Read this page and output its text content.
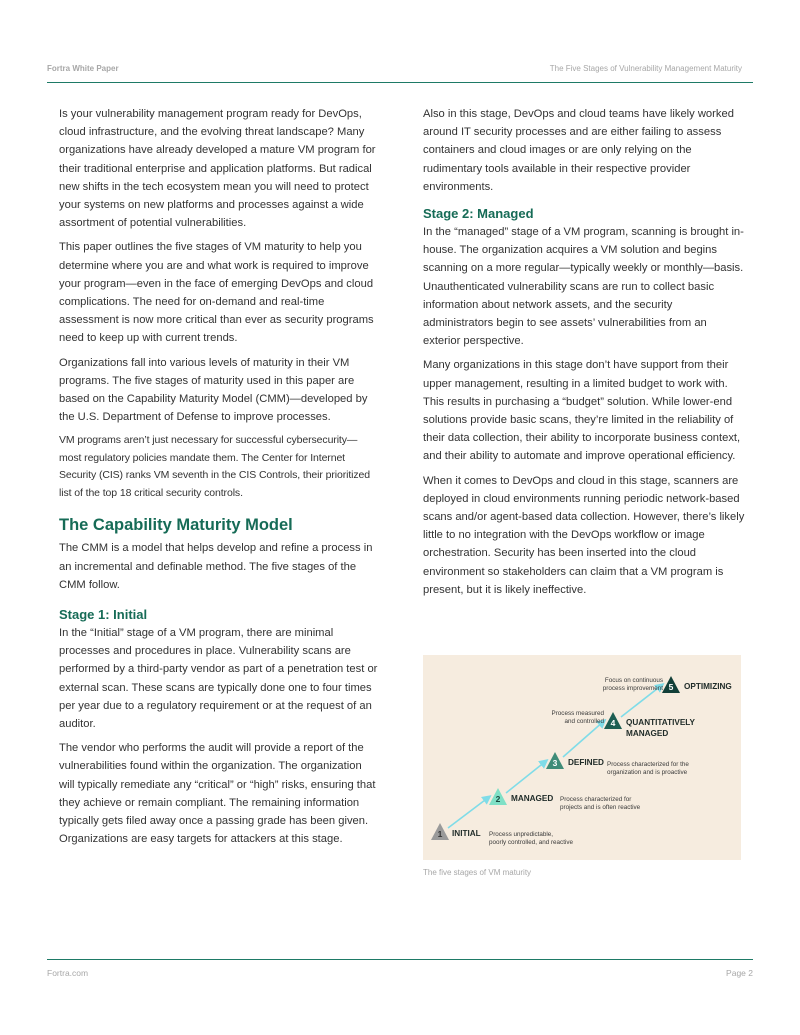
Fortra White Paper	The Five Stages of Vulnerability Management Maturity

Is your vulnerability management program ready for DevOps, cloud infrastructure, and the evolving threat landscape? Many organizations have already developed a mature VM program for their traditional enterprise and application platforms. But radical new shifts in the tech ecosystem mean you will need to protect your systems on new platforms and processes against a wide assortment of potential vulnerabilities.

This paper outlines the five stages of VM maturity to help you determine where you are and what work is required to improve your program—even in the face of emerging DevOps and cloud complications. The need for on-demand and real-time assessment is now more critical than ever as security programs need to keep up with current trends.

Organizations fall into various levels of maturity in their VM programs. The five stages of maturity used in this paper are based on the Capability Maturity Model (CMM)—developed by the U.S. Department of Defense to improve processes.

VM programs aren’t just necessary for successful cybersecurity—most regulatory policies mandate them. The Center for Internet Security (CIS) ranks VM seventh in the CIS Controls, their prioritized list of the top 18 critical security controls.

The Capability Maturity Model

The CMM is a model that helps develop and refine a process in an incremental and definable method. The five stages of the CMM follow.

Stage 1: Initial

In the “Initial” stage of a VM program, there are minimal processes and procedures in place. Vulnerability scans are performed by a third-party vendor as part of a penetration test or external scan. These scans are typically done one to four times per year due to a regulatory requirement or at the request of an auditor.

The vendor who performs the audit will provide a report of the vulnerabilities found within the organization. The organization will typically remediate any “critical” or “high” risks, ensuring that they achieve or remain compliant. The remaining information typically gets filed away once a passing grade has been given. Organizations are easy targets for attackers at this stage.

Also in this stage, DevOps and cloud teams have likely worked around IT security processes and are either failing to assess containers and cloud images or are only relying on the rudimentary tools available in their respective provider environments.

Stage 2: Managed

In the “managed” stage of a VM program, scanning is brought in-house. The organization acquires a VM solution and begins scanning on a more regular—typically weekly or monthly—basis. Unauthenticated vulnerability scans are run to collect basic information about network assets, and the security administrators begin to see assets’ vulnerabilities from an exterior perspective.

Many organizations in this stage don’t have support from their upper management, resulting in a limited budget to work with. This results in purchasing a “budget” solution. While lower-end solutions provide basic scans, they’re limited in the reliability of their data collection, their ability to incorporate business context, and their ability to automate and improve operational efficiency.

When it comes to DevOps and cloud in this stage, scanners are deployed in cloud environments running periodic network-based scans and/or agent-based data collection. However, there’s likely little to no integration with the DevOps workflow or image orchestration. Security has been inserted into the cloud environment so stakeholders can claim that a VM program is present, but it is likely ineffective.

1 INITIAL Process unpredictable,
poorly controlled, and reactive
2 MANAGED Process characterized for
projects and is often reactive
3 DEFINED Process characterized for the
organization and is proactive
4 QUANTITATIVELY
MANAGED
Process measured
and controlled
5 OPTIMIZING
Focus on continuous
process improvement
The five stages of VM maturity
Fortra.com	Page 2
